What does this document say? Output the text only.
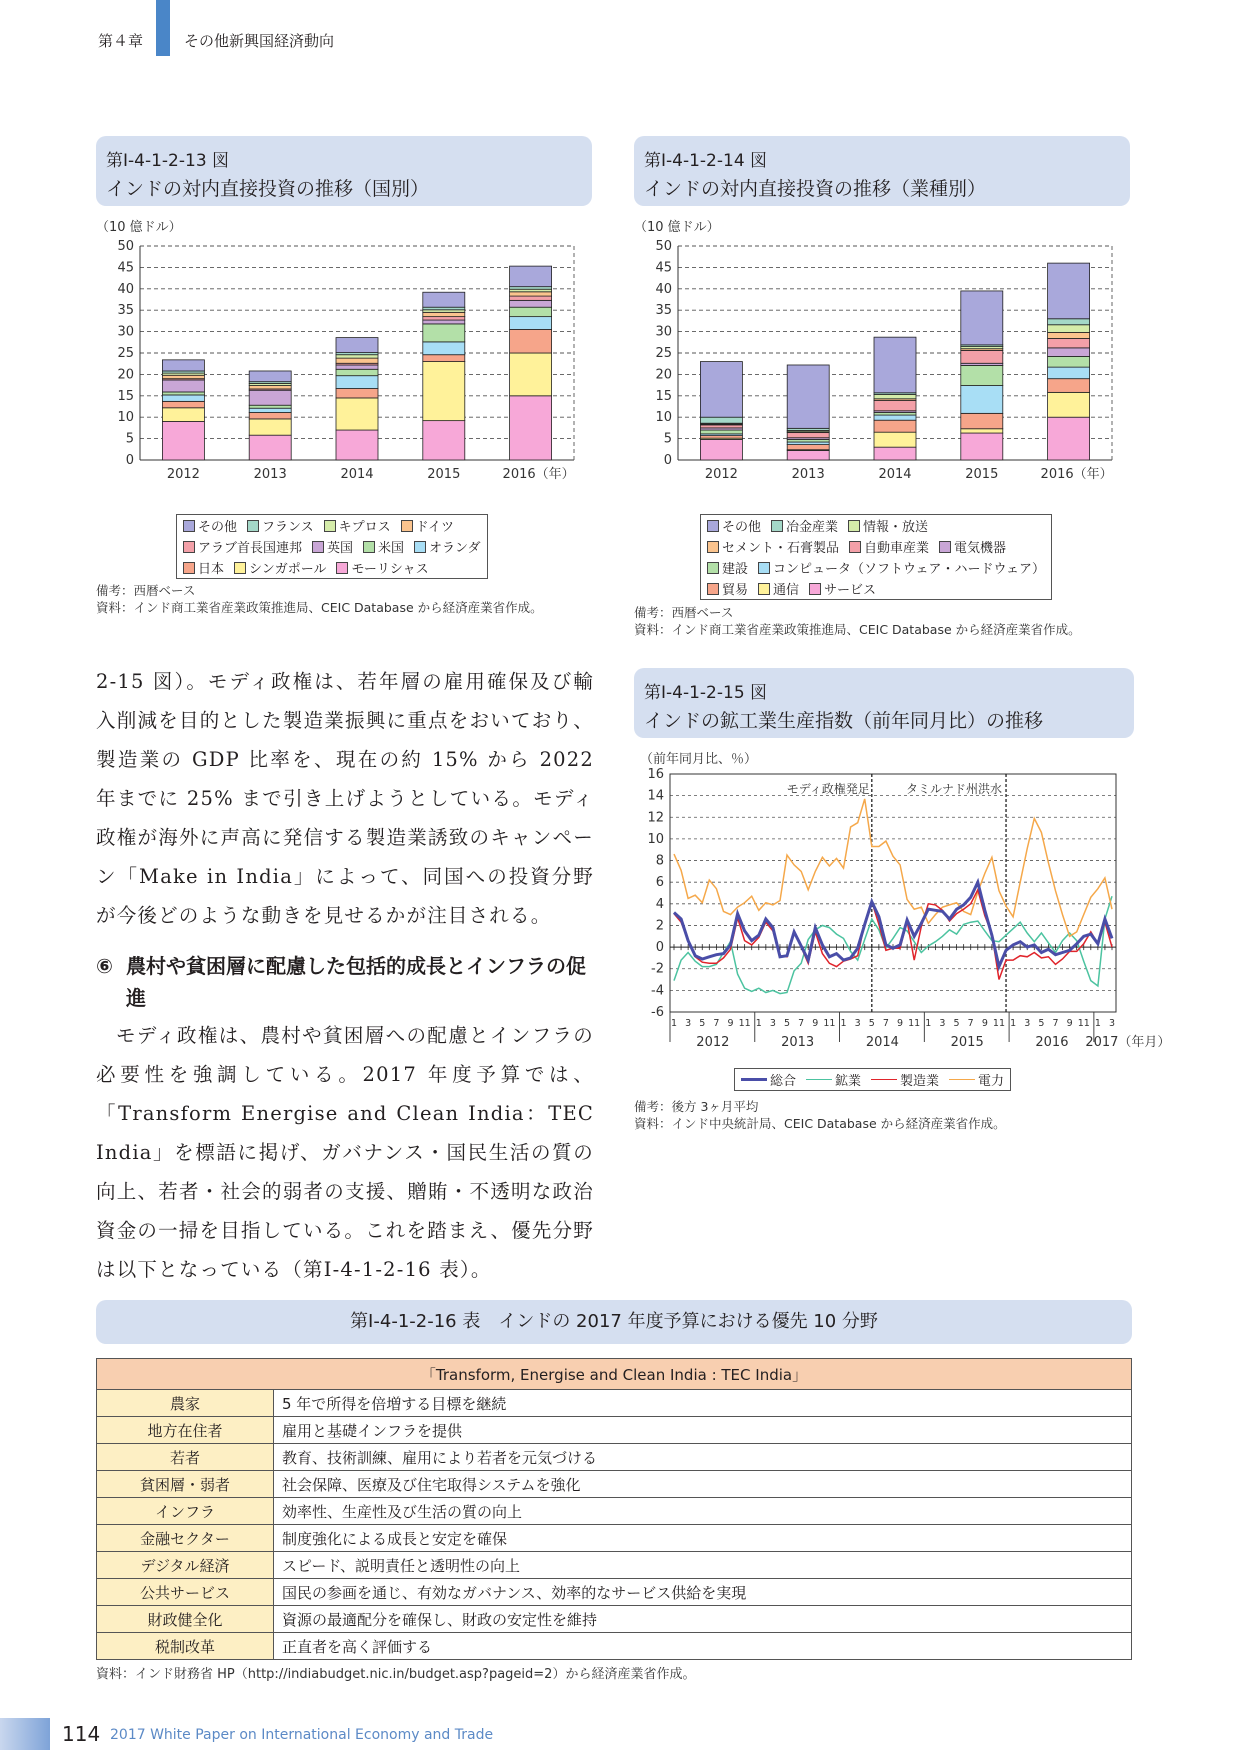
第４章	その他新興国経済動向
第Ⅰ-4-1-2-13 図
インドの対内直接投資の推移（国別）
（10 億ドル）
0
5
10
15
20
25
30
35
40
45
50
2012	2013	2014	2015	2016（年）
その他 フランス キプロス ドイツ
アラブ首長国連邦 英国 米国 オランダ
日本 シンガポール モーリシャス
備考：西暦ベース
資料：インド商工業省産業政策推進局、CEIC Database から経済産業省作成。
第Ⅰ-4-1-2-14 図
インドの対内直接投資の推移（業種別）
（10 億ドル）
0
5
10
15
20
25
30
35
40
45
50
2012	2013	2014	2015	2016（年）
その他 冶金産業 情報・放送
セメント・石膏製品 自動車産業 電気機器
建設 コンピュータ（ソフトウェア・ハードウェア）
貿易 通信 サービス
備考：西暦ベース
資料：インド商工業省産業政策推進局、CEIC Database から経済産業省作成。
2-15 図）。モディ政権は、若年層の雇用確保及び輸入削減を目的とした製造業振興に重点をおいており、製造業の GDP 比率を、現在の約 15% から 2022 年までに 25% まで引き上げようとしている。モディ政権が海外に声高に発信する製造業誘致のキャンペーン「Make in India」によって、同国への投資分野が今後どのような動きを見せるかが注目される。
⑥ 農村や貧困層に配慮した包括的成長とインフラの促進
モディ政権は、農村や貧困層への配慮とインフラの必要性を強調している。2017 年度予算では、「Transform Energise and Clean India：TEC India」を標語に掲げ、ガバナンス・国民生活の質の向上、若者・社会的弱者の支援、贈賄・不透明な政治資金の一掃を目指している。これを踏まえ、優先分野は以下となっている（第Ⅰ-4-1-2-16 表）。
第Ⅰ-4-1-2-15 図
インドの鉱工業生産指数（前年同月比）の推移
（前年同月比、％）
-6
-4
-2
0
2
4
6
8
10
12
14
16
モディ政権発足	タミルナド州洪水
1 3 5 7 9 11 1 3 5 7 9 11 1 3 5 7 9 11 1 3 5 7 9 11 1 3 5 7 9 11 1 3
2012	2013	2014	2015	2016 2017（年月）
総合	鉱業	製造業	電力
備考：後方 3ヶ月平均
資料：インド中央統計局、CEIC Database から経済産業省作成。
第Ⅰ-4-1-2-16 表　インドの 2017 年度予算における優先 10 分野
「Transform, Energise and Clean India : TEC India」	
農家	5 年で所得を倍増する目標を継続
地方在住者	雇用と基礎インフラを提供
若者	教育、技術訓練、雇用により若者を元気づける
貧困層・弱者	社会保障、医療及び住宅取得システムを強化
インフラ	効率性、生産性及び生活の質の向上
金融セクター	制度強化による成長と安定を確保
デジタル経済	スピード、説明責任と透明性の向上
公共サービス	国民の参画を通じ、有効なガバナンス、効率的なサービス供給を実現
財政健全化	資源の最適配分を確保し、財政の安定性を維持
税制改革	正直者を高く評価する
資料：インド財務省 HP（http://indiabudget.nic.in/budget.asp?pageid=2）から経済産業省作成。
114 2017 White Paper on International Economy and Trade
